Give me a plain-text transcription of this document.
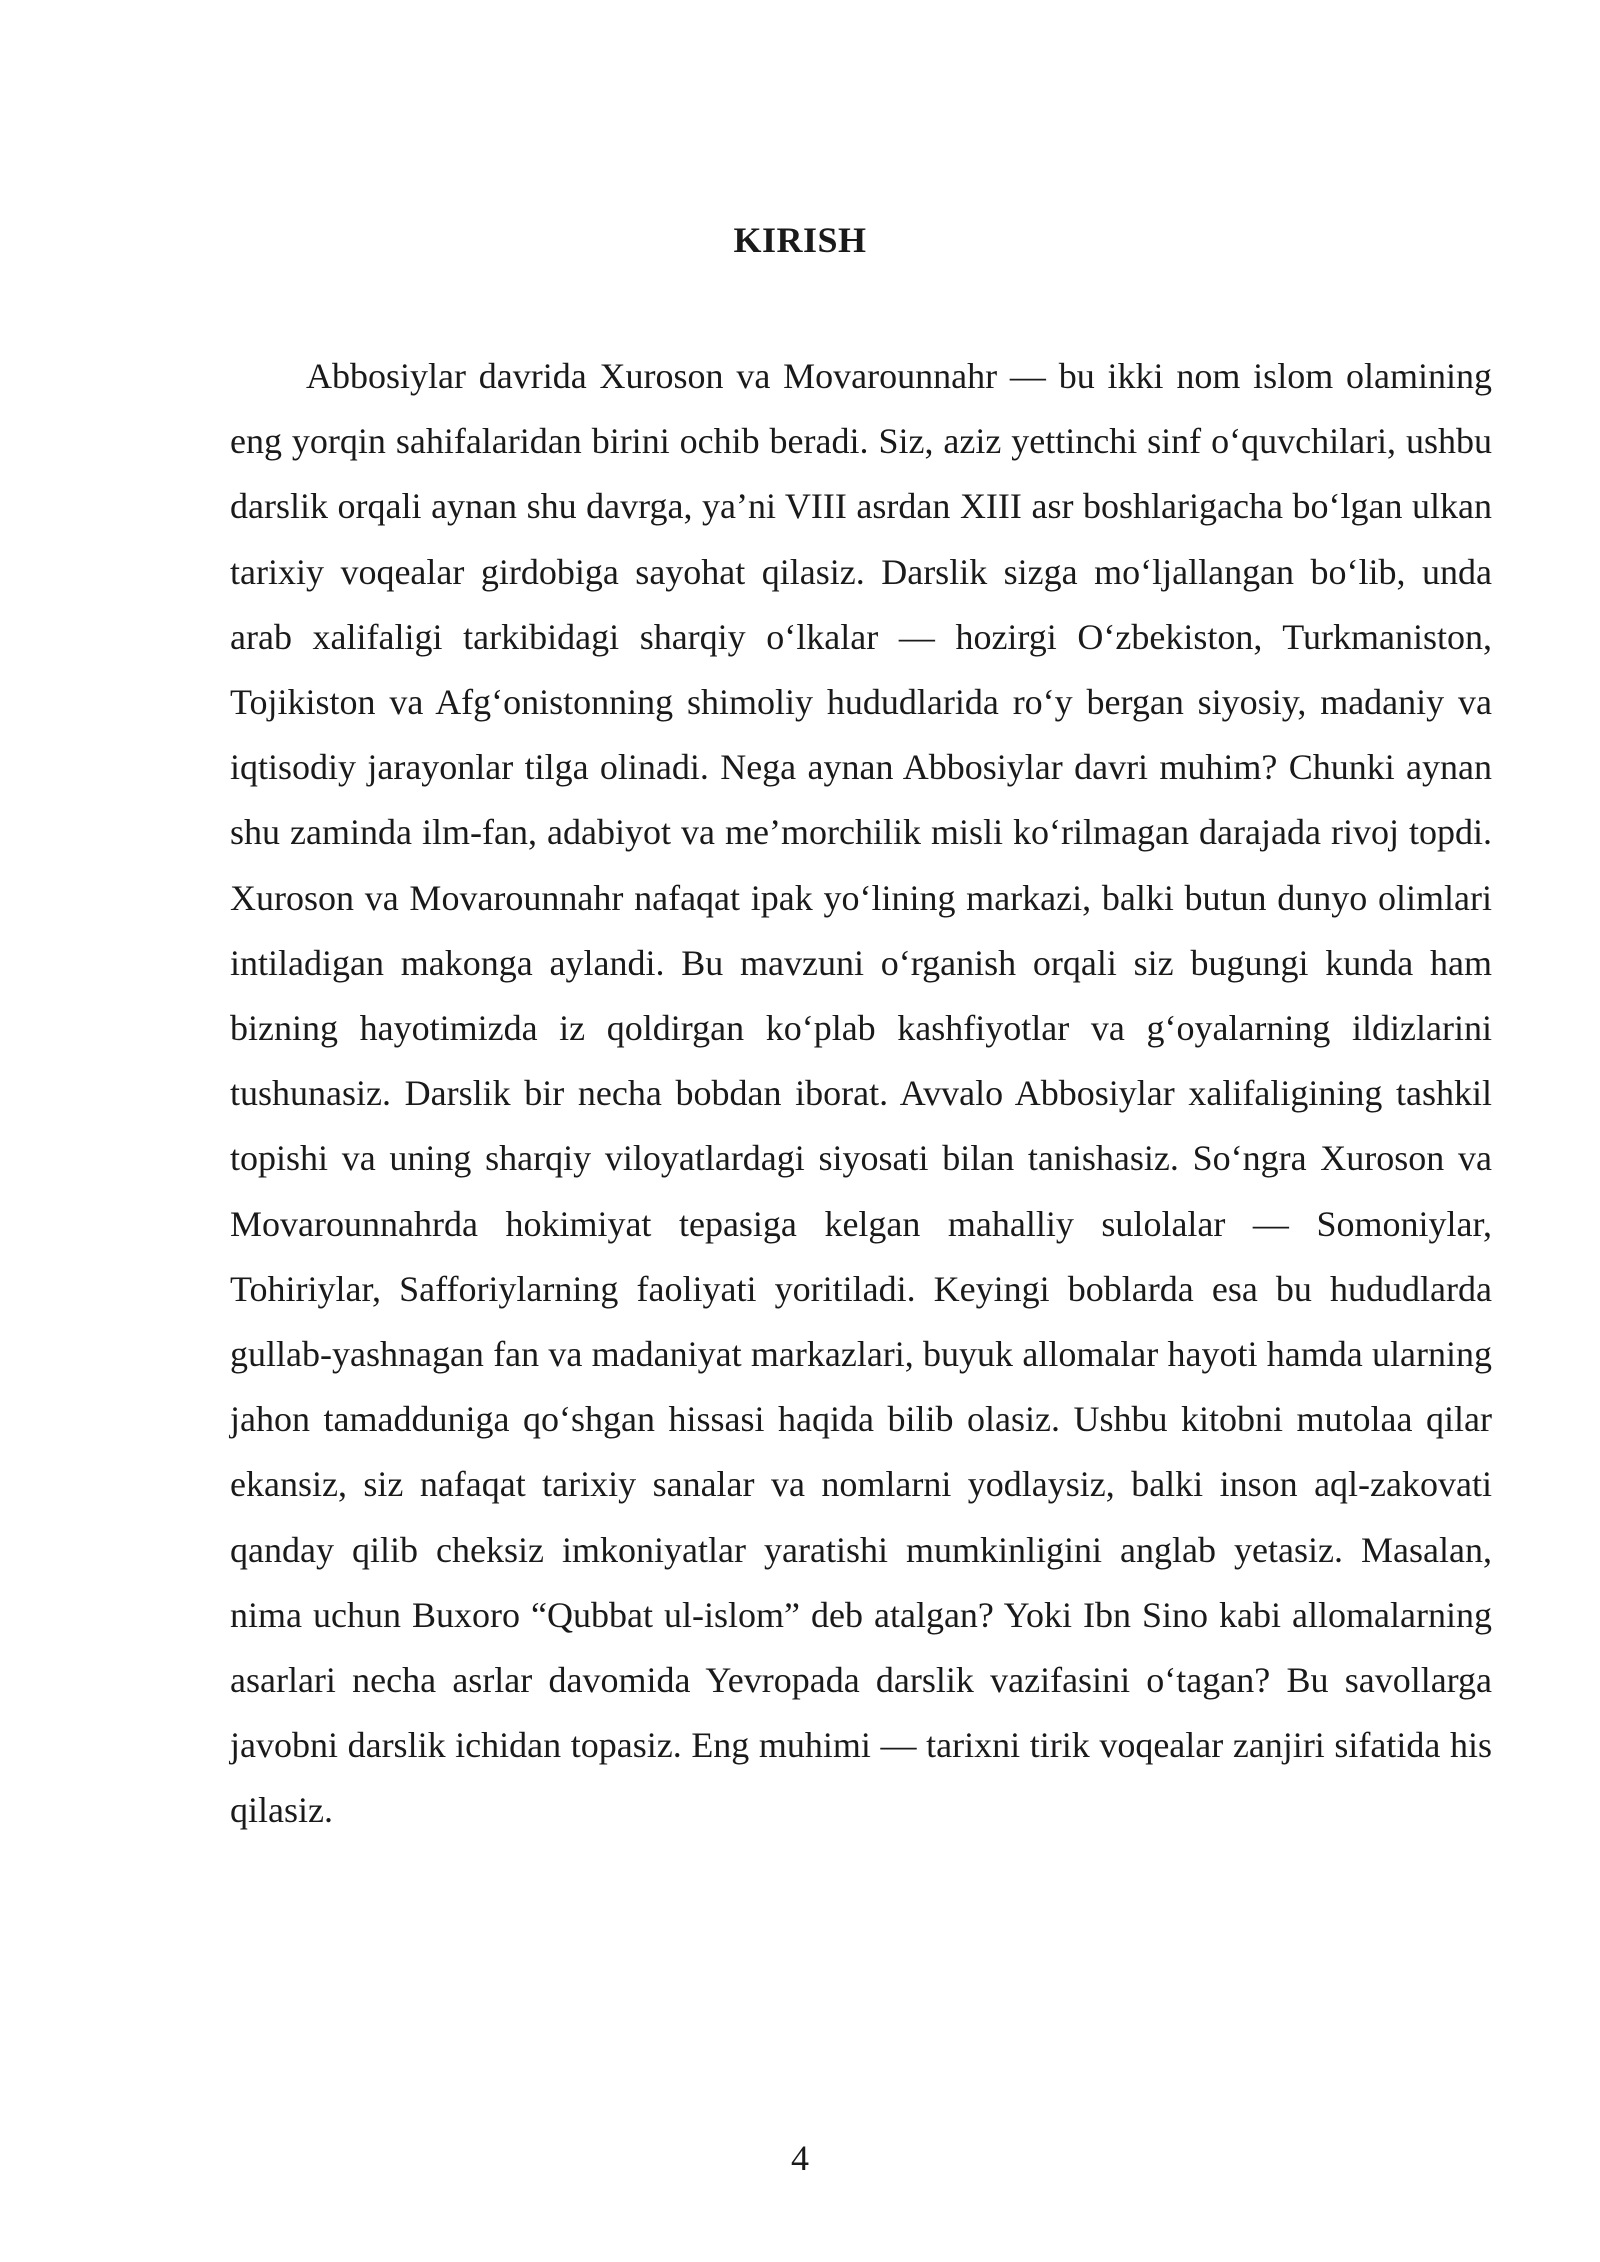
KIRISH

Abbosiylar davrida Xuroson va Movarounnahr — bu ikki nom islom olamining eng yorqin sahifalaridan birini ochib beradi. Siz, aziz yettinchi sinf o‘quvchilari, ushbu darslik orqali aynan shu davrga, ya’ni VIII asrdan XIII asr boshlarigacha bo‘lgan ulkan tarixiy voqealar girdobiga sayohat qilasiz. Darslik sizga mo‘ljallangan bo‘lib, unda arab xalifaligi tarkibidagi sharqiy o‘lkalar — hozirgi O‘zbekiston, Turkmaniston, Tojikiston va Afg‘onistonning shimoliy hududlarida ro‘y bergan siyosiy, madaniy va iqtisodiy jarayonlar tilga olinadi. Nega aynan Abbosiylar davri muhim? Chunki aynan shu zaminda ilm-fan, adabiyot va me’morchilik misli ko‘rilmagan darajada rivoj topdi. Xuroson va Movarounnahr nafaqat ipak yo‘lining markazi, balki butun dunyo olimlari intiladigan makonga aylandi. Bu mavzuni o‘rganish orqali siz bugungi kunda ham bizning hayotimizda iz qoldirgan ko‘plab kashfiyotlar va g‘oyalarning ildizlarini tushunasiz. Darslik bir necha bobdan iborat. Avvalo Abbosiylar xalifaligining tashkil topishi va uning sharqiy viloyatlardagi siyosati bilan tanishasiz. So‘ngra Xuroson va Movarounnahrda hokimiyat tepasiga kelgan mahalliy sulolalar — Somoniylar, Tohiriylar, Safforiylarning faoliyati yoritiladi. Keyingi boblarda esa bu hududlarda gullab-yashnagan fan va madaniyat markazlari, buyuk allomalar hayoti hamda ularning jahon tamadduniga qo‘shgan hissasi haqida bilib olasiz. Ushbu kitobni mutolaa qilar ekansiz, siz nafaqat tarixiy sanalar va nomlarni yodlaysiz, balki inson aql-zakovati qanday qilib cheksiz imkoniyatlar yaratishi mumkinligini anglab yetasiz. Masalan, nima uchun Buxoro “Qubbat ul-islom” deb atalgan? Yoki Ibn Sino kabi allomalarning asarlari necha asrlar davomida Yevropada darslik vazifasini o‘tagan? Bu savollarga javobni darslik ichidan topasiz. Eng muhimi — tarixni tirik voqealar zanjiri sifatida his qilasiz.

4
